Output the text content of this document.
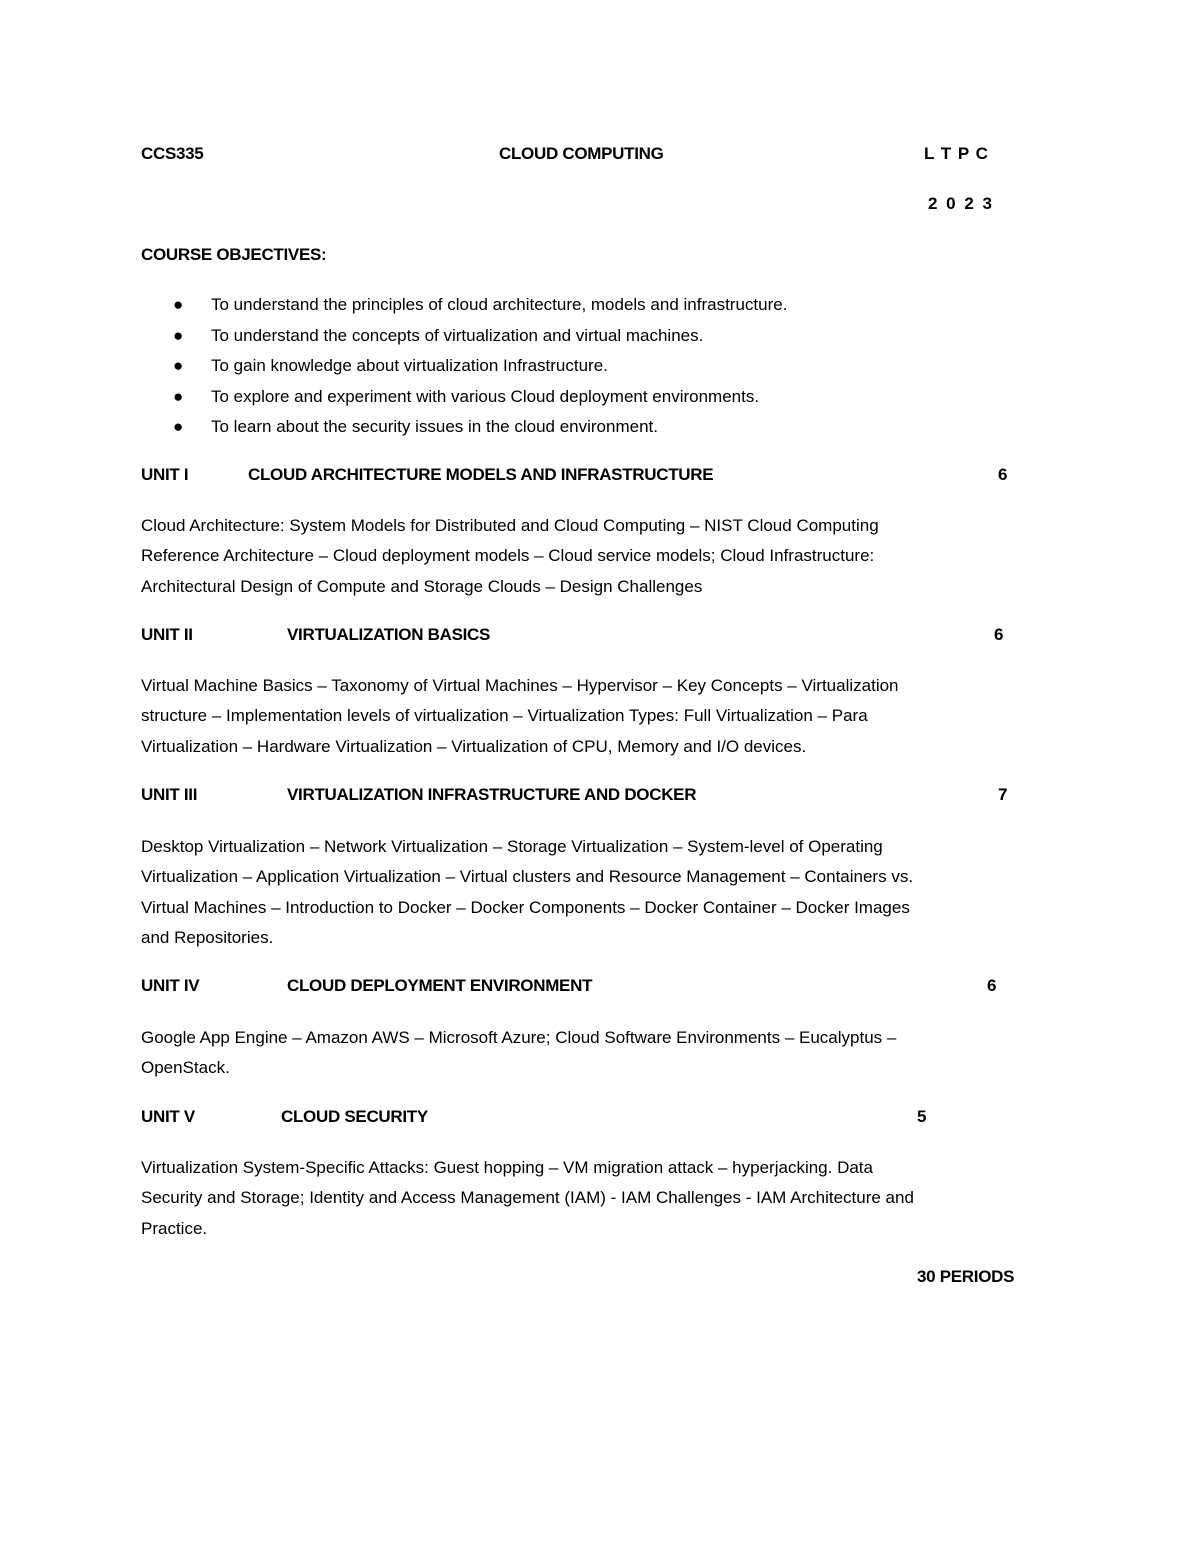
CCS335	CLOUD COMPUTING	L T P C
2 0 2 3
COURSE OBJECTIVES:
● To understand the principles of cloud architecture, models and infrastructure.
● To understand the concepts of virtualization and virtual machines.
● To gain knowledge about virtualization Infrastructure.
● To explore and experiment with various Cloud deployment environments.
● To learn about the security issues in the cloud environment.
UNIT I	CLOUD ARCHITECTURE MODELS AND INFRASTRUCTURE	6
Cloud Architecture: System Models for Distributed and Cloud Computing – NIST Cloud Computing
Reference Architecture – Cloud deployment models – Cloud service models; Cloud Infrastructure:
Architectural Design of Compute and Storage Clouds – Design Challenges
UNIT II	VIRTUALIZATION BASICS	6
Virtual Machine Basics – Taxonomy of Virtual Machines – Hypervisor – Key Concepts – Virtualization
structure – Implementation levels of virtualization – Virtualization Types: Full Virtualization – Para
Virtualization – Hardware Virtualization – Virtualization of CPU, Memory and I/O devices.
UNIT III	VIRTUALIZATION INFRASTRUCTURE AND DOCKER	7
Desktop Virtualization – Network Virtualization – Storage Virtualization – System-level of Operating
Virtualization – Application Virtualization – Virtual clusters and Resource Management – Containers vs.
Virtual Machines – Introduction to Docker – Docker Components – Docker Container – Docker Images
and Repositories.
UNIT IV	CLOUD DEPLOYMENT ENVIRONMENT	6
Google App Engine – Amazon AWS – Microsoft Azure; Cloud Software Environments – Eucalyptus –
OpenStack.
UNIT V	CLOUD SECURITY	5
Virtualization System-Specific Attacks: Guest hopping – VM migration attack – hyperjacking. Data
Security and Storage; Identity and Access Management (IAM) - IAM Challenges - IAM Architecture and
Practice.
30 PERIODS
